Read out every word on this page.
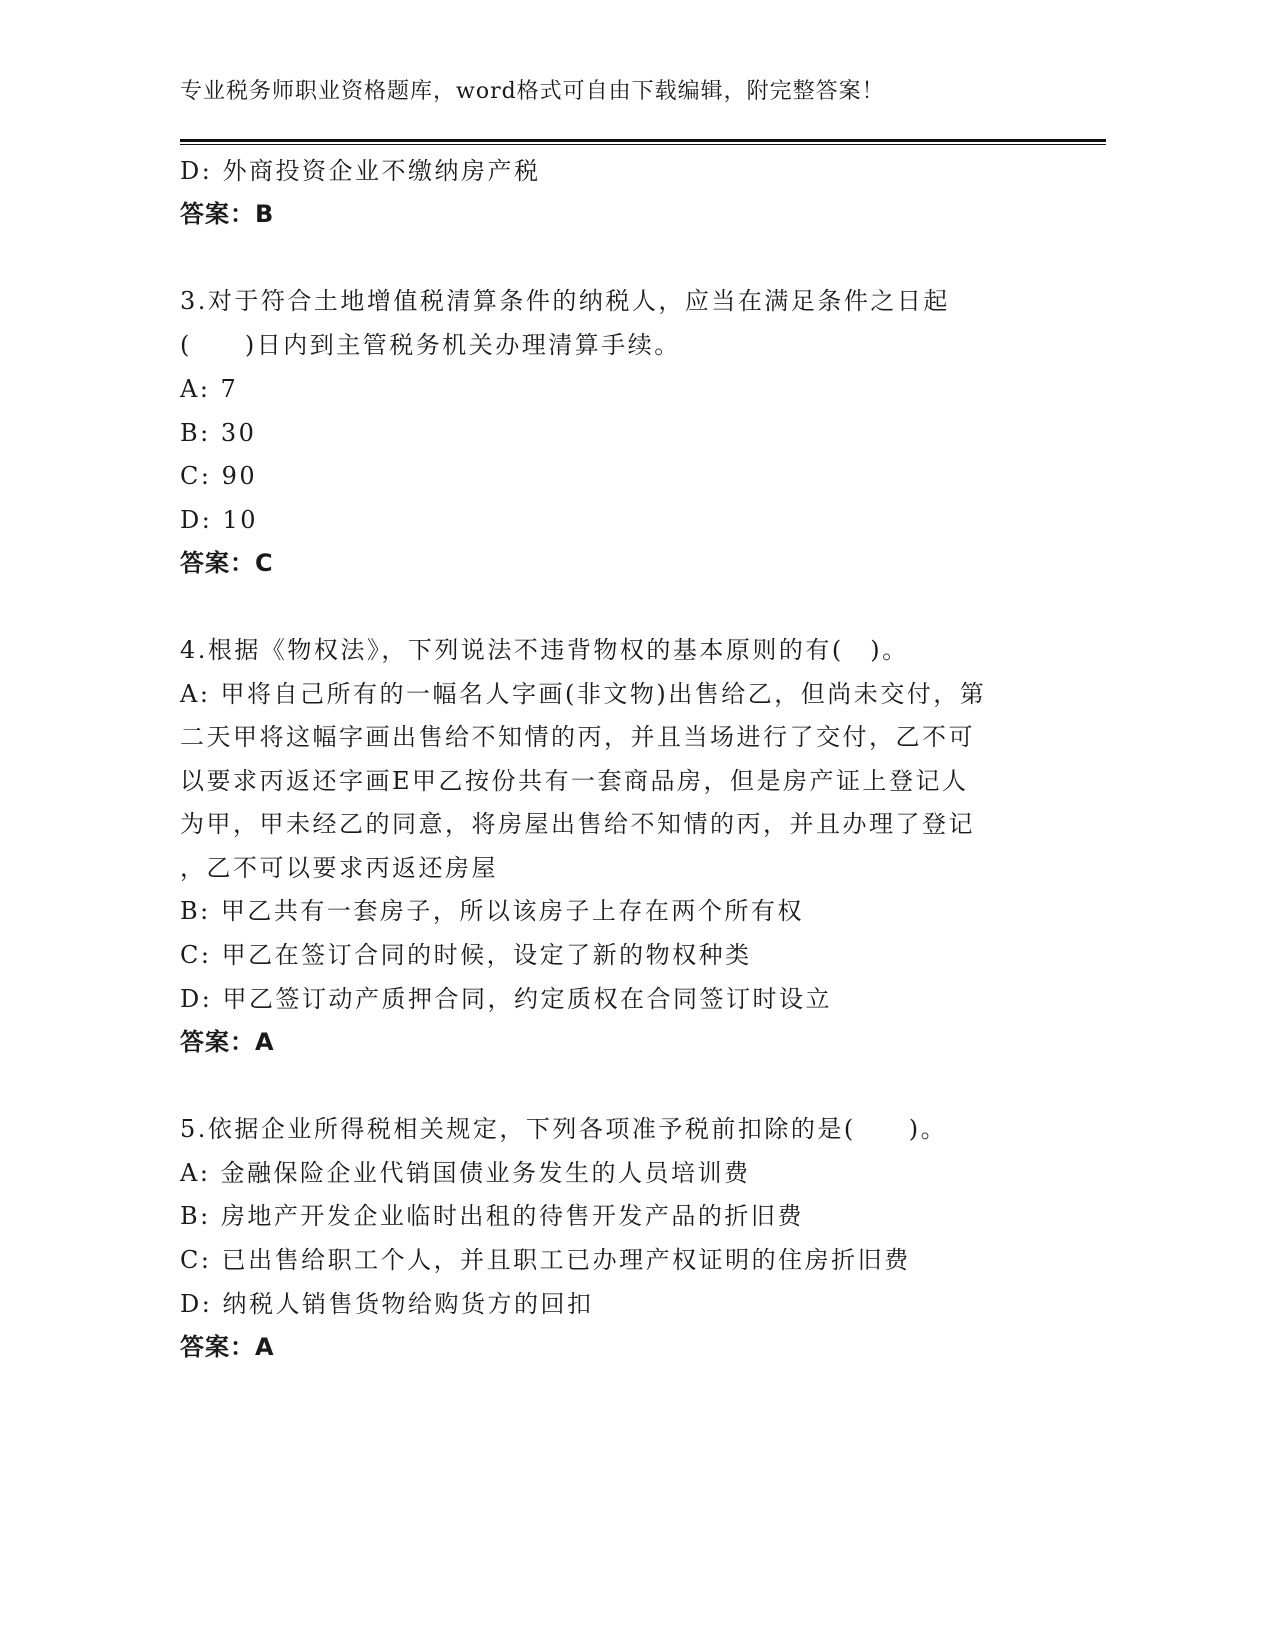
专业税务师职业资格题库，word格式可自由下载编辑，附完整答案！
D: 外商投资企业不缴纳房产税
答案：B
3.对于符合土地增值税清算条件的纳税人，应当在满足条件之日起
(　　)日内到主管税务机关办理清算手续。
A: 7
B: 30
C: 90
D: 10
答案：C
4.根据《物权法》，下列说法不违背物权的基本原则的有(　)。
A: 甲将自己所有的一幅名人字画(非文物)出售给乙，但尚未交付，第
二天甲将这幅字画出售给不知情的丙，并且当场进行了交付，乙不可
以要求丙返还字画E甲乙按份共有一套商品房，但是房产证上登记人
为甲，甲未经乙的同意，将房屋出售给不知情的丙，并且办理了登记
，乙不可以要求丙返还房屋
B: 甲乙共有一套房子，所以该房子上存在两个所有权
C: 甲乙在签订合同的时候，设定了新的物权种类
D: 甲乙签订动产质押合同，约定质权在合同签订时设立
答案：A
5.依据企业所得税相关规定，下列各项准予税前扣除的是(　　)。
A: 金融保险企业代销国债业务发生的人员培训费
B: 房地产开发企业临时出租的待售开发产品的折旧费
C: 已出售给职工个人，并且职工已办理产权证明的住房折旧费
D: 纳税人销售货物给购货方的回扣
答案：A
